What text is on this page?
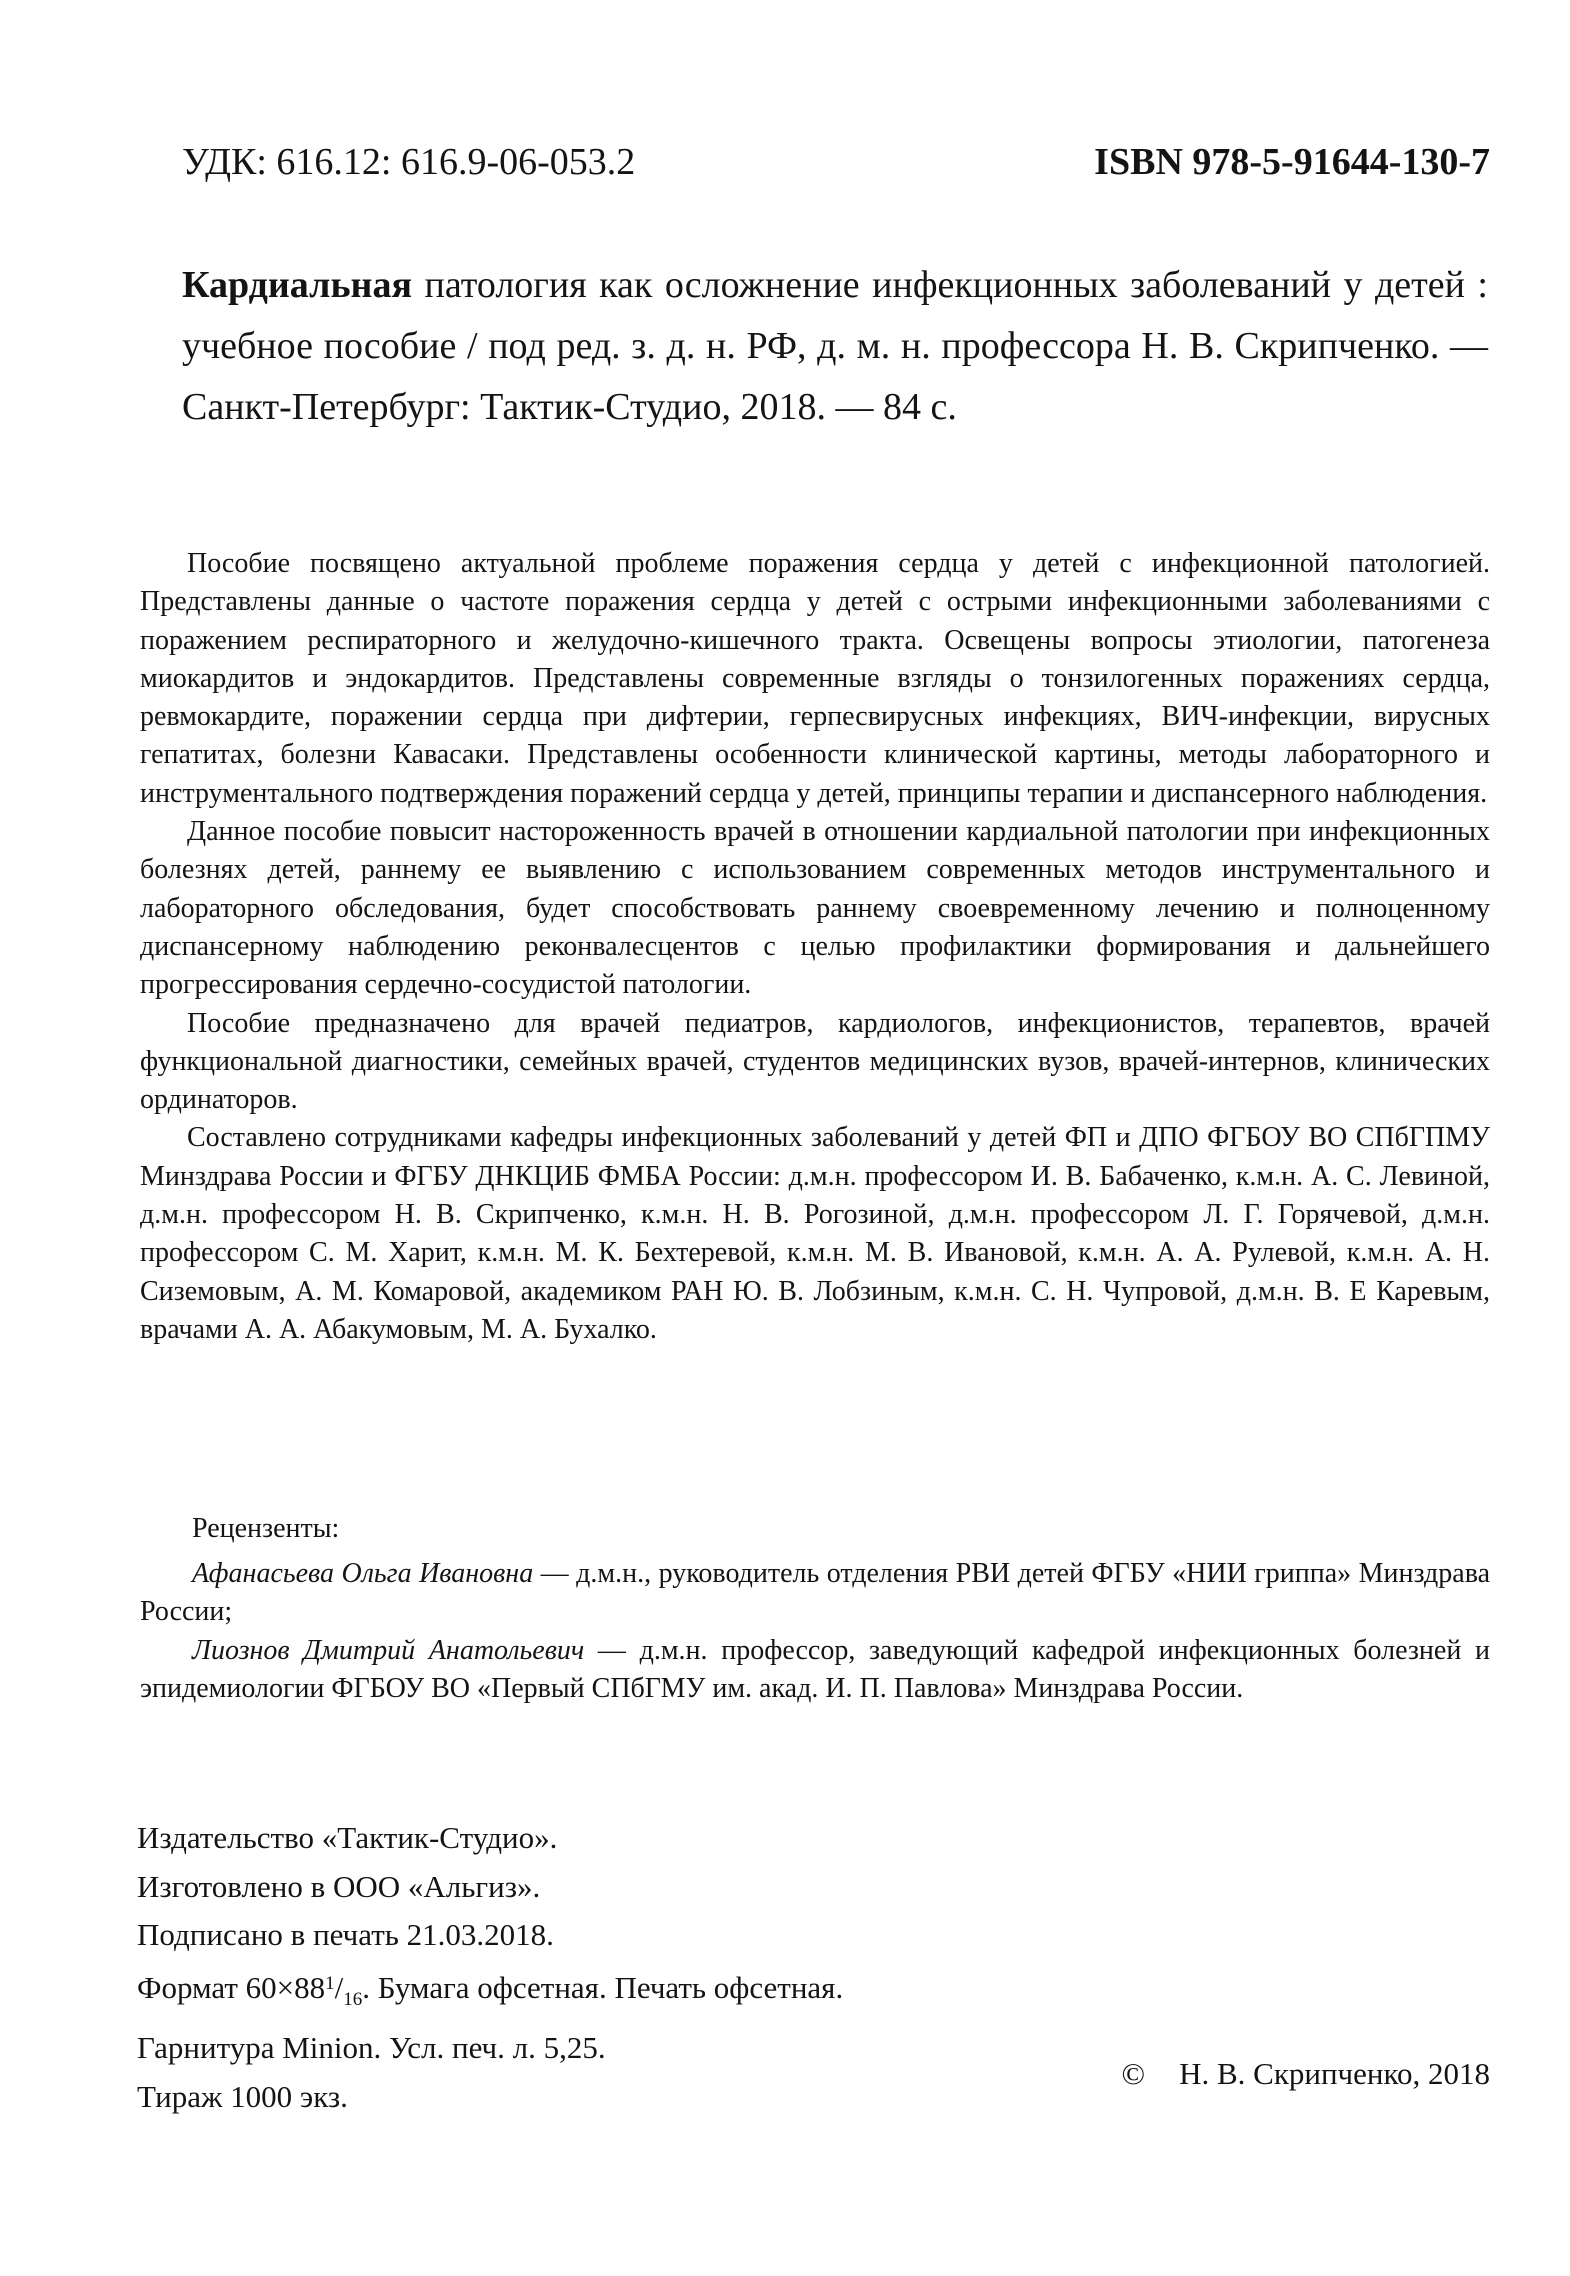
УДК: 616.12: 616.9-06-053.2	ISBN 978-5-91644-130-7
Кардиальная патология как осложнение инфекционных заболеваний у детей : учебное пособие / под ред. з. д. н. РФ, д. м. н. профессора Н. В. Скрипченко. — Санкт-Петербург: Тактик-Студио, 2018. — 84 с.

Пособие посвящено актуальной проблеме поражения сердца у детей с инфекционной патологией. Представлены данные о частоте поражения сердца у детей с острыми инфекционными заболеваниями с поражением респираторного и желудочно-кишечного тракта. Освещены вопросы этиологии, патогенеза миокардитов и эндокардитов. Представлены современные взгляды о тонзилогенных поражениях сердца, ревмокардите, поражении сердца при дифтерии, герпесвирусных инфекциях, ВИЧ-инфекции, вирусных гепатитах, болезни Кавасаки. Представлены особенности клинической картины, методы лабораторного и инструментального подтверждения поражений сердца у детей, принципы терапии и диспансерного наблюдения.

Данное пособие повысит настороженность врачей в отношении кардиальной патологии при инфекционных болезнях детей, раннему ее выявлению с использованием современных методов инструментального и лабораторного обследования, будет способствовать раннему своевременному лечению и полноценному диспансерному наблюдению реконвалесцентов с целью профилактики формирования и дальнейшего прогрессирования сердечно-сосудистой патологии.

Пособие предназначено для врачей педиатров, кардиологов, инфекционистов, терапевтов, врачей функциональной диагностики, семейных врачей, студентов медицинских вузов, врачей-интернов, клинических ординаторов.

Составлено сотрудниками кафедры инфекционных заболеваний у детей ФП и ДПО ФГБОУ ВО СПбГПМУ Минздрава России и ФГБУ ДНКЦИБ ФМБА России: д.м.н. профессором И. В. Бабаченко, к.м.н. А. С. Левиной, д.м.н. профессором Н. В. Скрипченко, к.м.н. Н. В. Рогозиной, д.м.н. профессором Л. Г. Горячевой, д.м.н. профессором С. М. Харит, к.м.н. М. К. Бехтеревой, к.м.н. М. В. Ивановой, к.м.н. А. А. Рулевой, к.м.н. А. Н. Сиземовым, А. М. Комаровой, академиком РАН Ю. В. Лобзиным, к.м.н. С. Н. Чупровой, д.м.н. В. Е Каревым, врачами А. А. Абакумовым, М. А. Бухалко.

Рецензенты:

Афанасьева Ольга Ивановна — д.м.н., руководитель отделения РВИ детей ФГБУ «НИИ гриппа» Минздрава России;

Лиознов Дмитрий Анатольевич — д.м.н. профессор, заведующий кафедрой инфекционных болезней и эпидемиологии ФГБОУ ВО «Первый СПбГМУ им. акад. И. П. Павлова» Минздрава России.

Издательство «Тактик-Студио».
Изготовлено в ООО «Альгиз».
Подписано в печать 21.03.2018.
Формат $60\times 88^1/_{16}$. Бумага офсетная. Печать офсетная.
Гарнитура Minion. Усл. печ. л. 5,25.
Тираж 1000 экз.
© Н. В. Скрипченко, 2018
